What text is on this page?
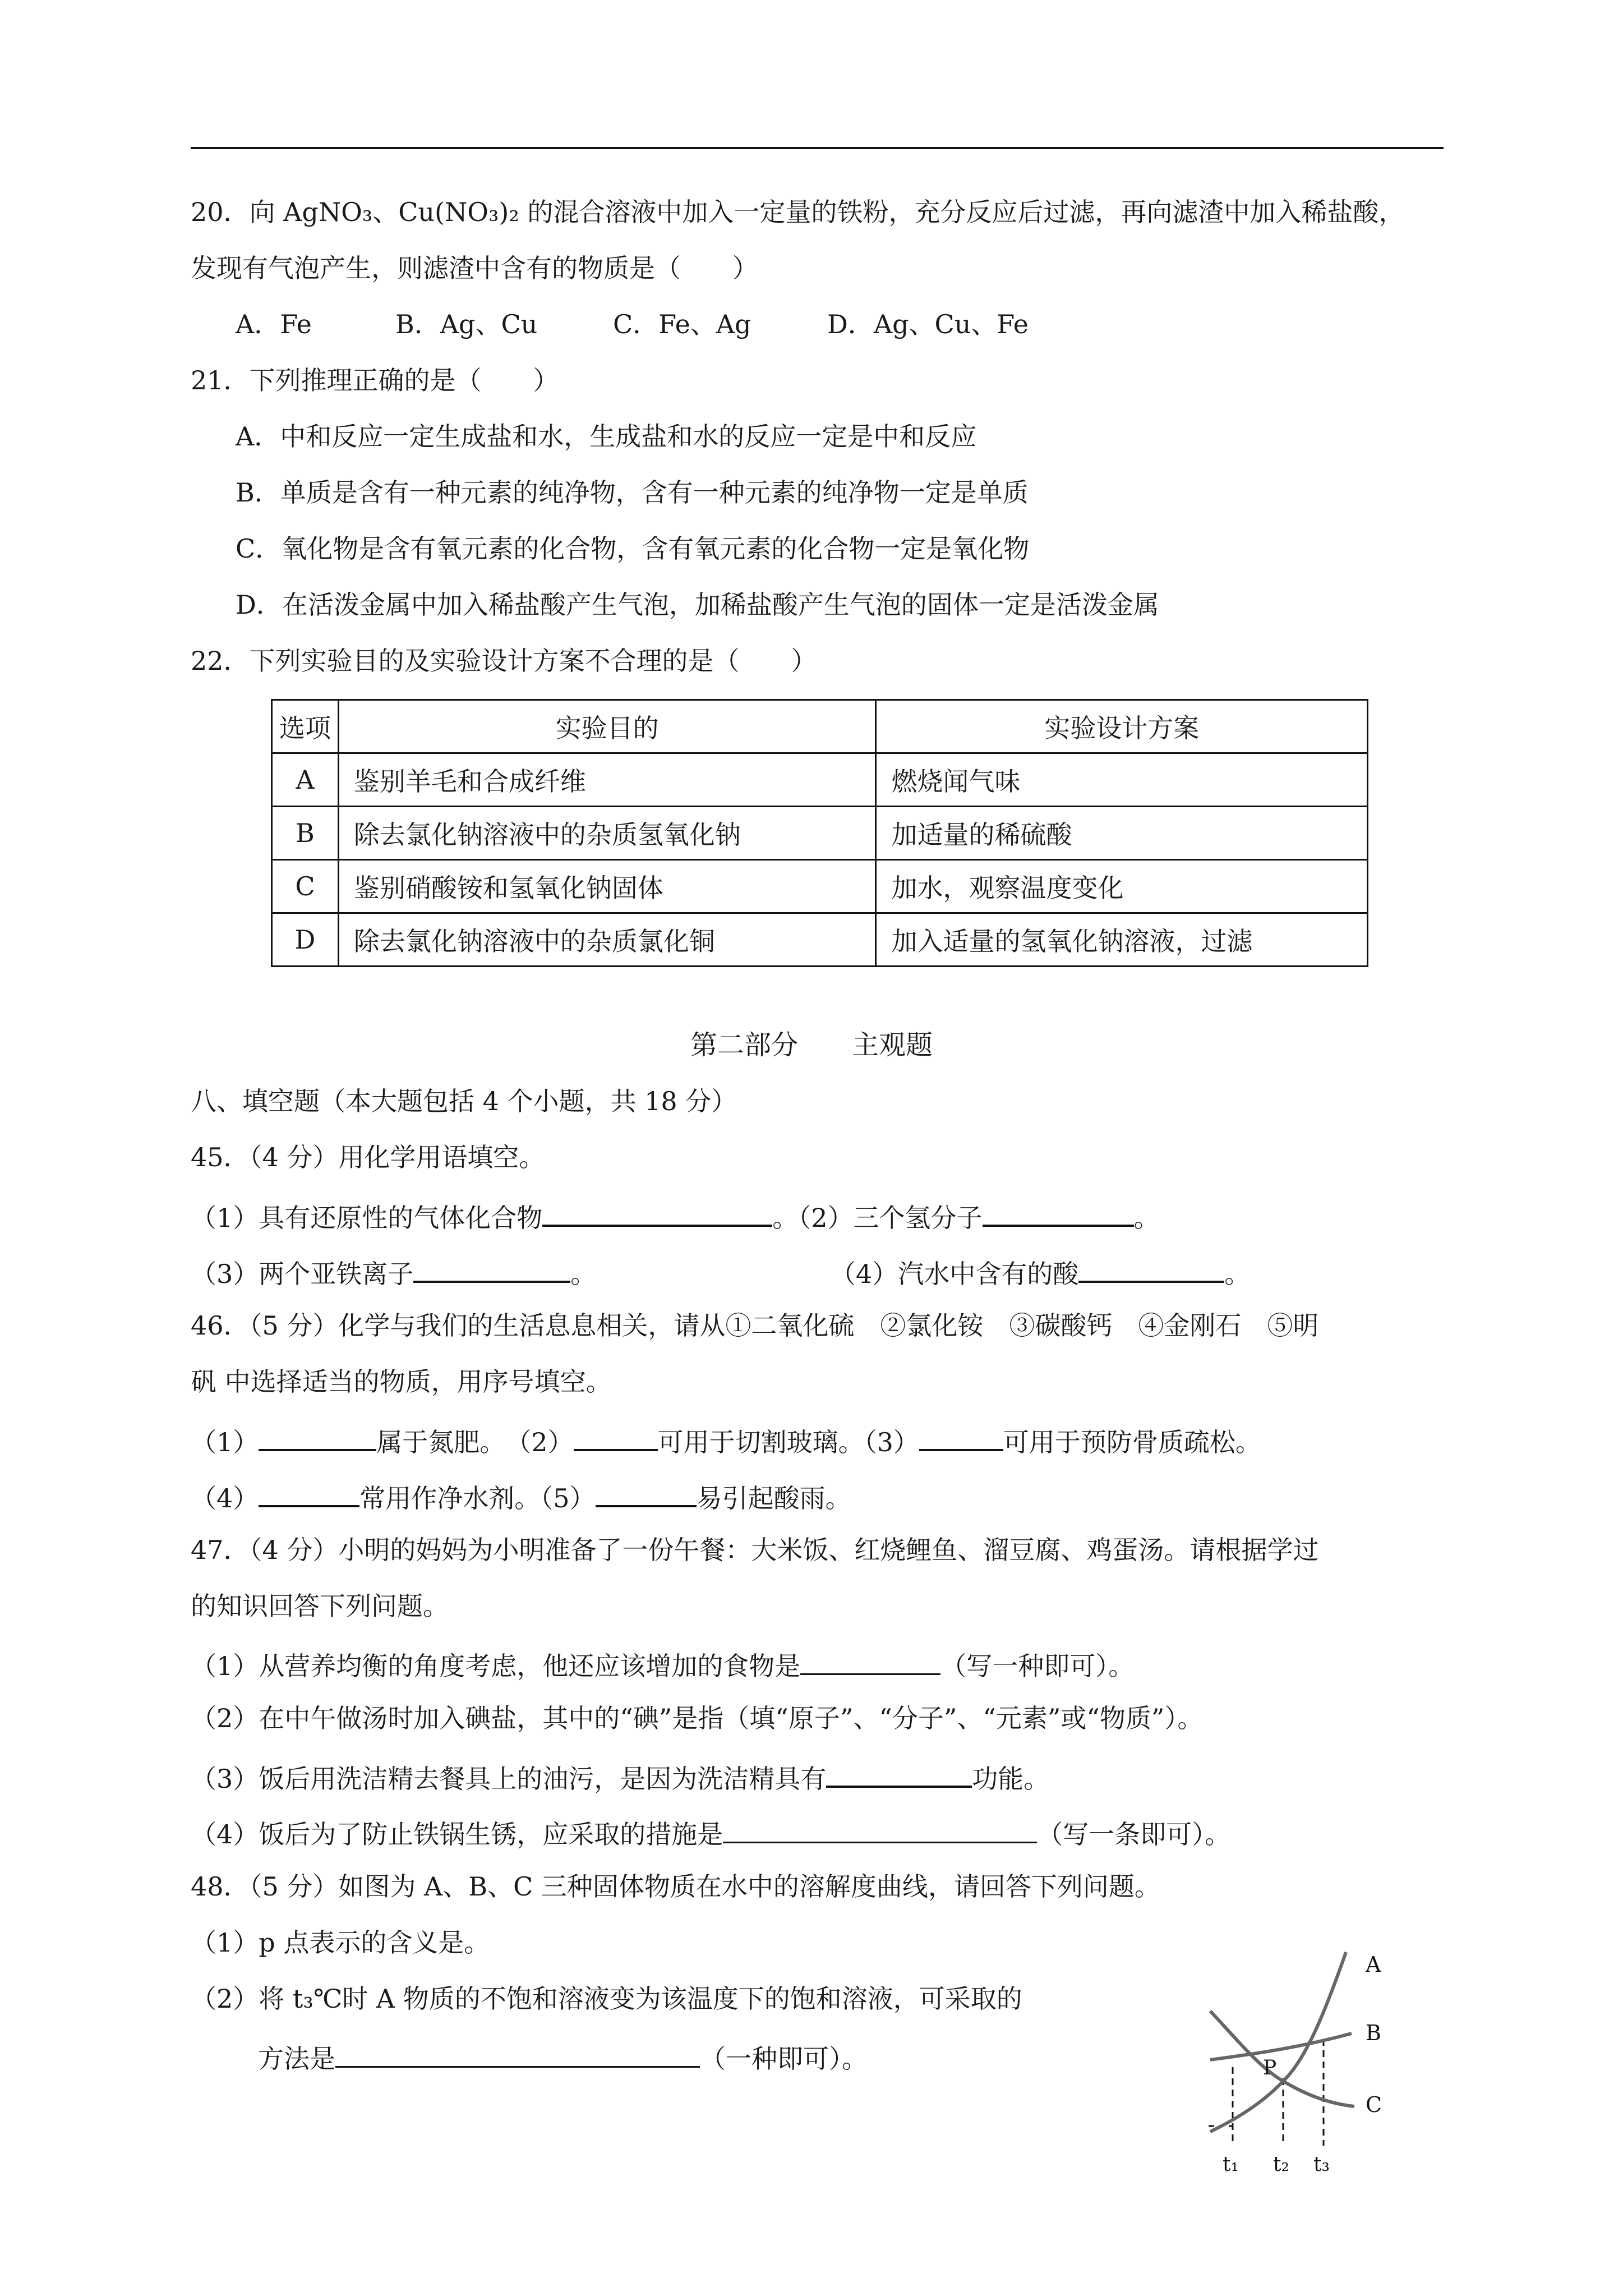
20．向 AgNO₃、Cu(NO₃)₂ 的混合溶液中加入一定量的铁粉，充分反应后过滤，再向滤渣中加入稀盐酸，
发现有气泡产生，则滤渣中含有的物质是（　　）
A．Fe	B．Ag、Cu	C．Fe、Ag	D．Ag、Cu、Fe
21．下列推理正确的是（　　）
A．中和反应一定生成盐和水，生成盐和水的反应一定是中和反应
B．单质是含有一种元素的纯净物，含有一种元素的纯净物一定是单质
C．氧化物是含有氧元素的化合物，含有氧元素的化合物一定是氧化物
D．在活泼金属中加入稀盐酸产生气泡，加稀盐酸产生气泡的固体一定是活泼金属
22．下列实验目的及实验设计方案不合理的是（　　）
选项	实验目的	实验设计方案
A	鉴别羊毛和合成纤维	燃烧闻气味
B	除去氯化钠溶液中的杂质氢氧化钠	加适量的稀硫酸
C	鉴别硝酸铵和氢氧化钠固体	加水，观察温度变化
D	除去氯化钠溶液中的杂质氯化铜	加入适量的氢氧化钠溶液，过滤
第二部分　　主观题
八、填空题（本大题包括 4 个小题，共 18 分）
45．（4 分）用化学用语填空。
（1）具有还原性的气体化合物	。（2）三个氢分子	。
（3）两个亚铁离子	。	（4）汽水中含有的酸	。
46．（5 分）化学与我们的生活息息相关，请从①二氧化硫　②氯化铵　③碳酸钙　④金刚石　⑤明
矾 中选择适当的物质，用序号填空。
（1）	属于氮肥。　（2）	可用于切割玻璃。（3）	可用于预防骨质疏松。
（4）	常用作净水剂。（5）	易引起酸雨。
47．（4 分）小明的妈妈为小明准备了一份午餐：大米饭、红烧鲤鱼、溜豆腐、鸡蛋汤。请根据学过
的知识回答下列问题。
（1）从营养均衡的角度考虑，他还应该增加的食物是	（写一种即可）。
（2）在中午做汤时加入碘盐，其中的“碘”是指（填“原子”、“分子”、“元素”或“物质”）。
（3）饭后用洗洁精去餐具上的油污，是因为洗洁精具有	功能。
（4）饭后为了防止铁锅生锈，应采取的措施是	（写一条即可）。
48．（5 分）如图为 A、B、C 三种固体物质在水中的溶解度曲线，请回答下列问题。
（1）p 点表示的含义是。
（2）将 t₃℃时 A 物质的不饱和溶液变为该温度下的饱和溶液，可采取的
方法是	（一种即可）。
A
B
C
P
t₁ t₂ t₃
